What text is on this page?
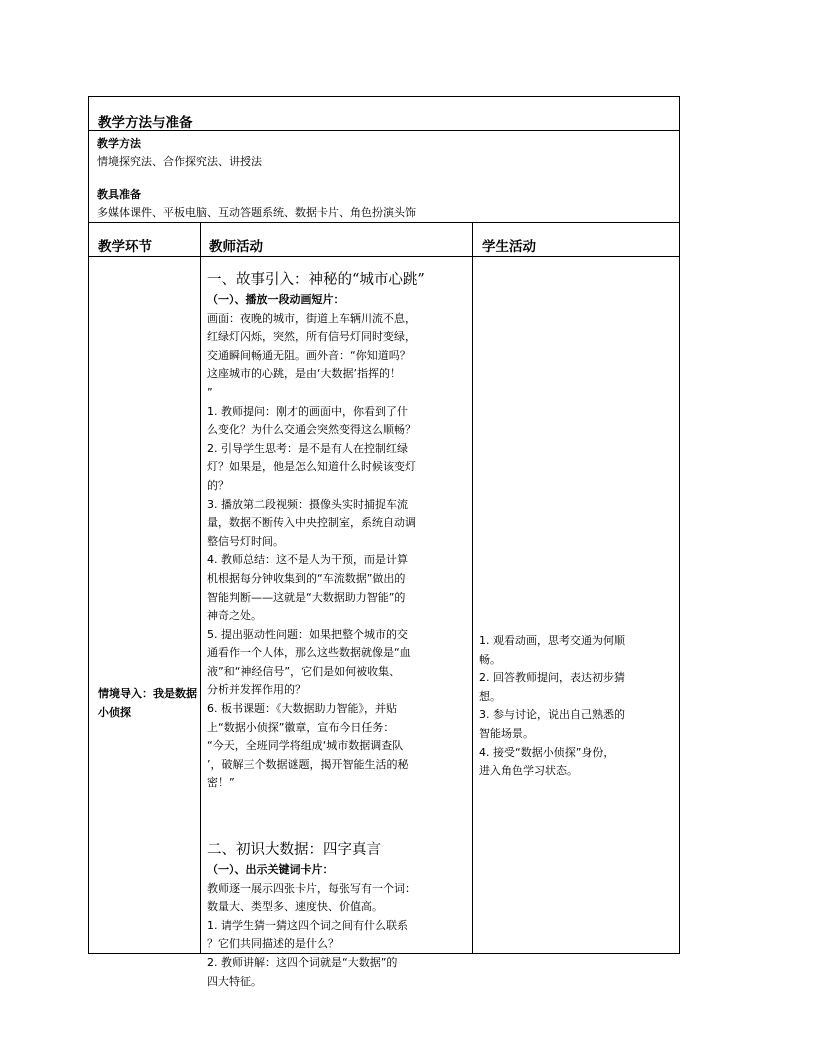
教学方法与准备
教学方法
情境探究法、合作探究法、讲授法
教具准备
多媒体课件、平板电脑、互动答题系统、数据卡片、角色扮演头饰
教学环节	教师活动	学生活动
情境导入：我是数据小侦探

一、故事引入：神秘的“城市心跳”

（一）、播放一段动画短片：

画面：夜晚的城市，街道上车辆川流不息，

红绿灯闪烁，突然，所有信号灯同时变绿，

交通瞬间畅通无阻。画外音：“你知道吗？

这座城市的心跳，是由‘大数据’指挥的！

”

1. 教师提问：刚才的画面中，你看到了什

么变化？为什么交通会突然变得这么顺畅？

2. 引导学生思考：是不是有人在控制红绿

灯？如果是，他是怎么知道什么时候该变灯

的？

3. 播放第二段视频：摄像头实时捕捉车流

量，数据不断传入中央控制室，系统自动调

整信号灯时间。

4. 教师总结：这不是人为干预，而是计算

机根据每分钟收集到的“车流数据”做出的

智能判断——这就是“大数据助力智能”的

神奇之处。

5. 提出驱动性问题：如果把整个城市的交

通看作一个人体，那么这些数据就像是“血

液”和“神经信号”，它们是如何被收集、

分析并发挥作用的？

6. 板书课题：《大数据助力智能》，并贴

上“数据小侦探”徽章，宣布今日任务：

“今天，全班同学将组成‘城市数据调查队

’，破解三个数据谜题，揭开智能生活的秘

密！”

二、初识大数据：四字真言

（一）、出示关键词卡片：

教师逐一展示四张卡片，每张写有一个词：

数量大、类型多、速度快、价值高。

1. 请学生猜一猜这四个词之间有什么联系

？它们共同描述的是什么？

2. 教师讲解：这四个词就是“大数据”的

四大特征。

1. 观看动画，思考交通为何顺

畅。

2. 回答教师提问，表达初步猜

想。

3. 参与讨论，说出自己熟悉的

智能场景。

4. 接受“数据小侦探”身份，

进入角色学习状态。
